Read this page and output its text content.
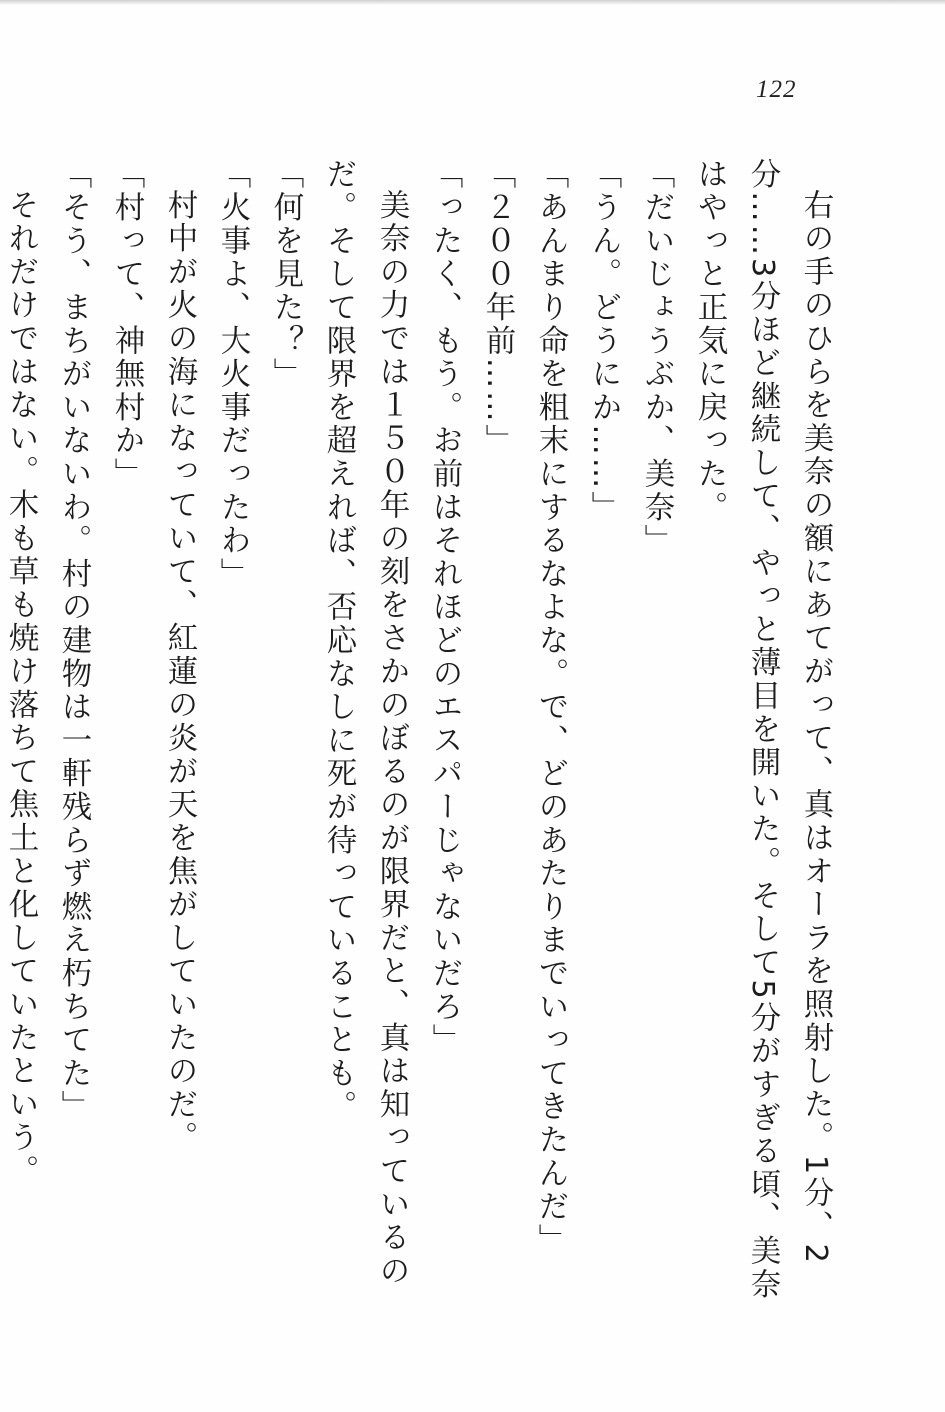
122

右の手のひらを美奈の額にあてがって、真はオーラを照射した。1分、2分……3分ほど継続して、やっと薄目を開いた。そして5分がすぎる頃、美奈はやっと正気に戻った。

「だいじょうぶか、美奈」

「うん。どうにか……」

「あんまり命を粗末にするなよな。で、どのあたりまでいってきたんだ」

「２００年前……」

「ったく、もう。お前はそれほどのエスパーじゃないだろ」

美奈の力では１５０年の刻をさかのぼるのが限界だと、真は知っているのだ。そして限界を超えれば、否応なしに死が待っていることも。

「何を見た？」

「火事よ、大火事だったわ」

村中が火の海になっていて、紅蓮の炎が天を焦がしていたのだ。

「村って、神無村か」

「そう、まちがいないわ。村の建物は一軒残らず燃え朽ちてた」

それだけではない。木も草も焼け落ちて焦土と化していたという。
